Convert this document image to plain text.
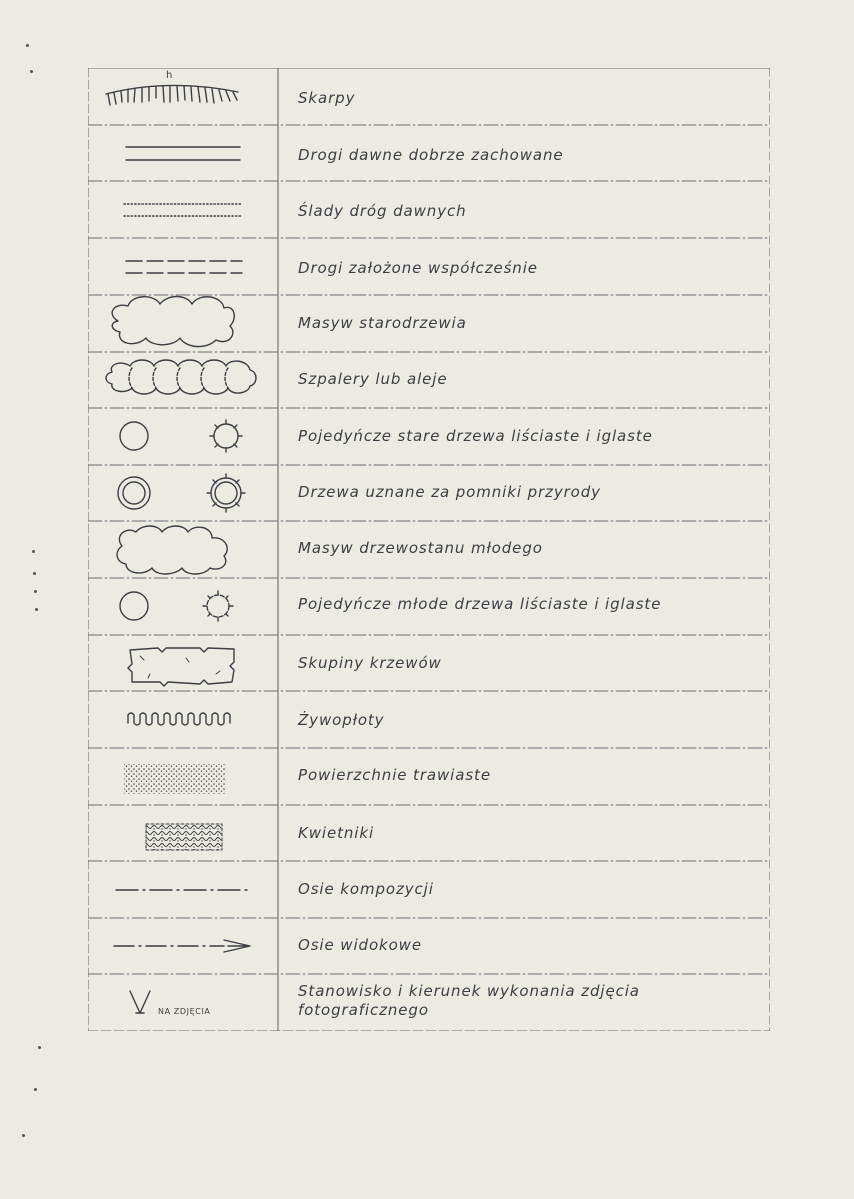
h
NA ZDJĘCIA
Skarpy
Drogi dawne dobrze zachowane
Ślady dróg dawnych
Drogi założone współcześnie
Masyw starodrzewia
Szpalery lub aleje
Pojedyńcze stare drzewa liściaste i iglaste
Drzewa uznane za pomniki przyrody
Masyw drzewostanu młodego
Pojedyńcze młode drzewa liściaste i iglaste
Skupiny krzewów
Żywopłoty
Powierzchnie trawiaste
Kwietniki
Osie kompozycji
Osie widokowe
Stanowisko i kierunek wykonania zdjęcia fotograficznego
